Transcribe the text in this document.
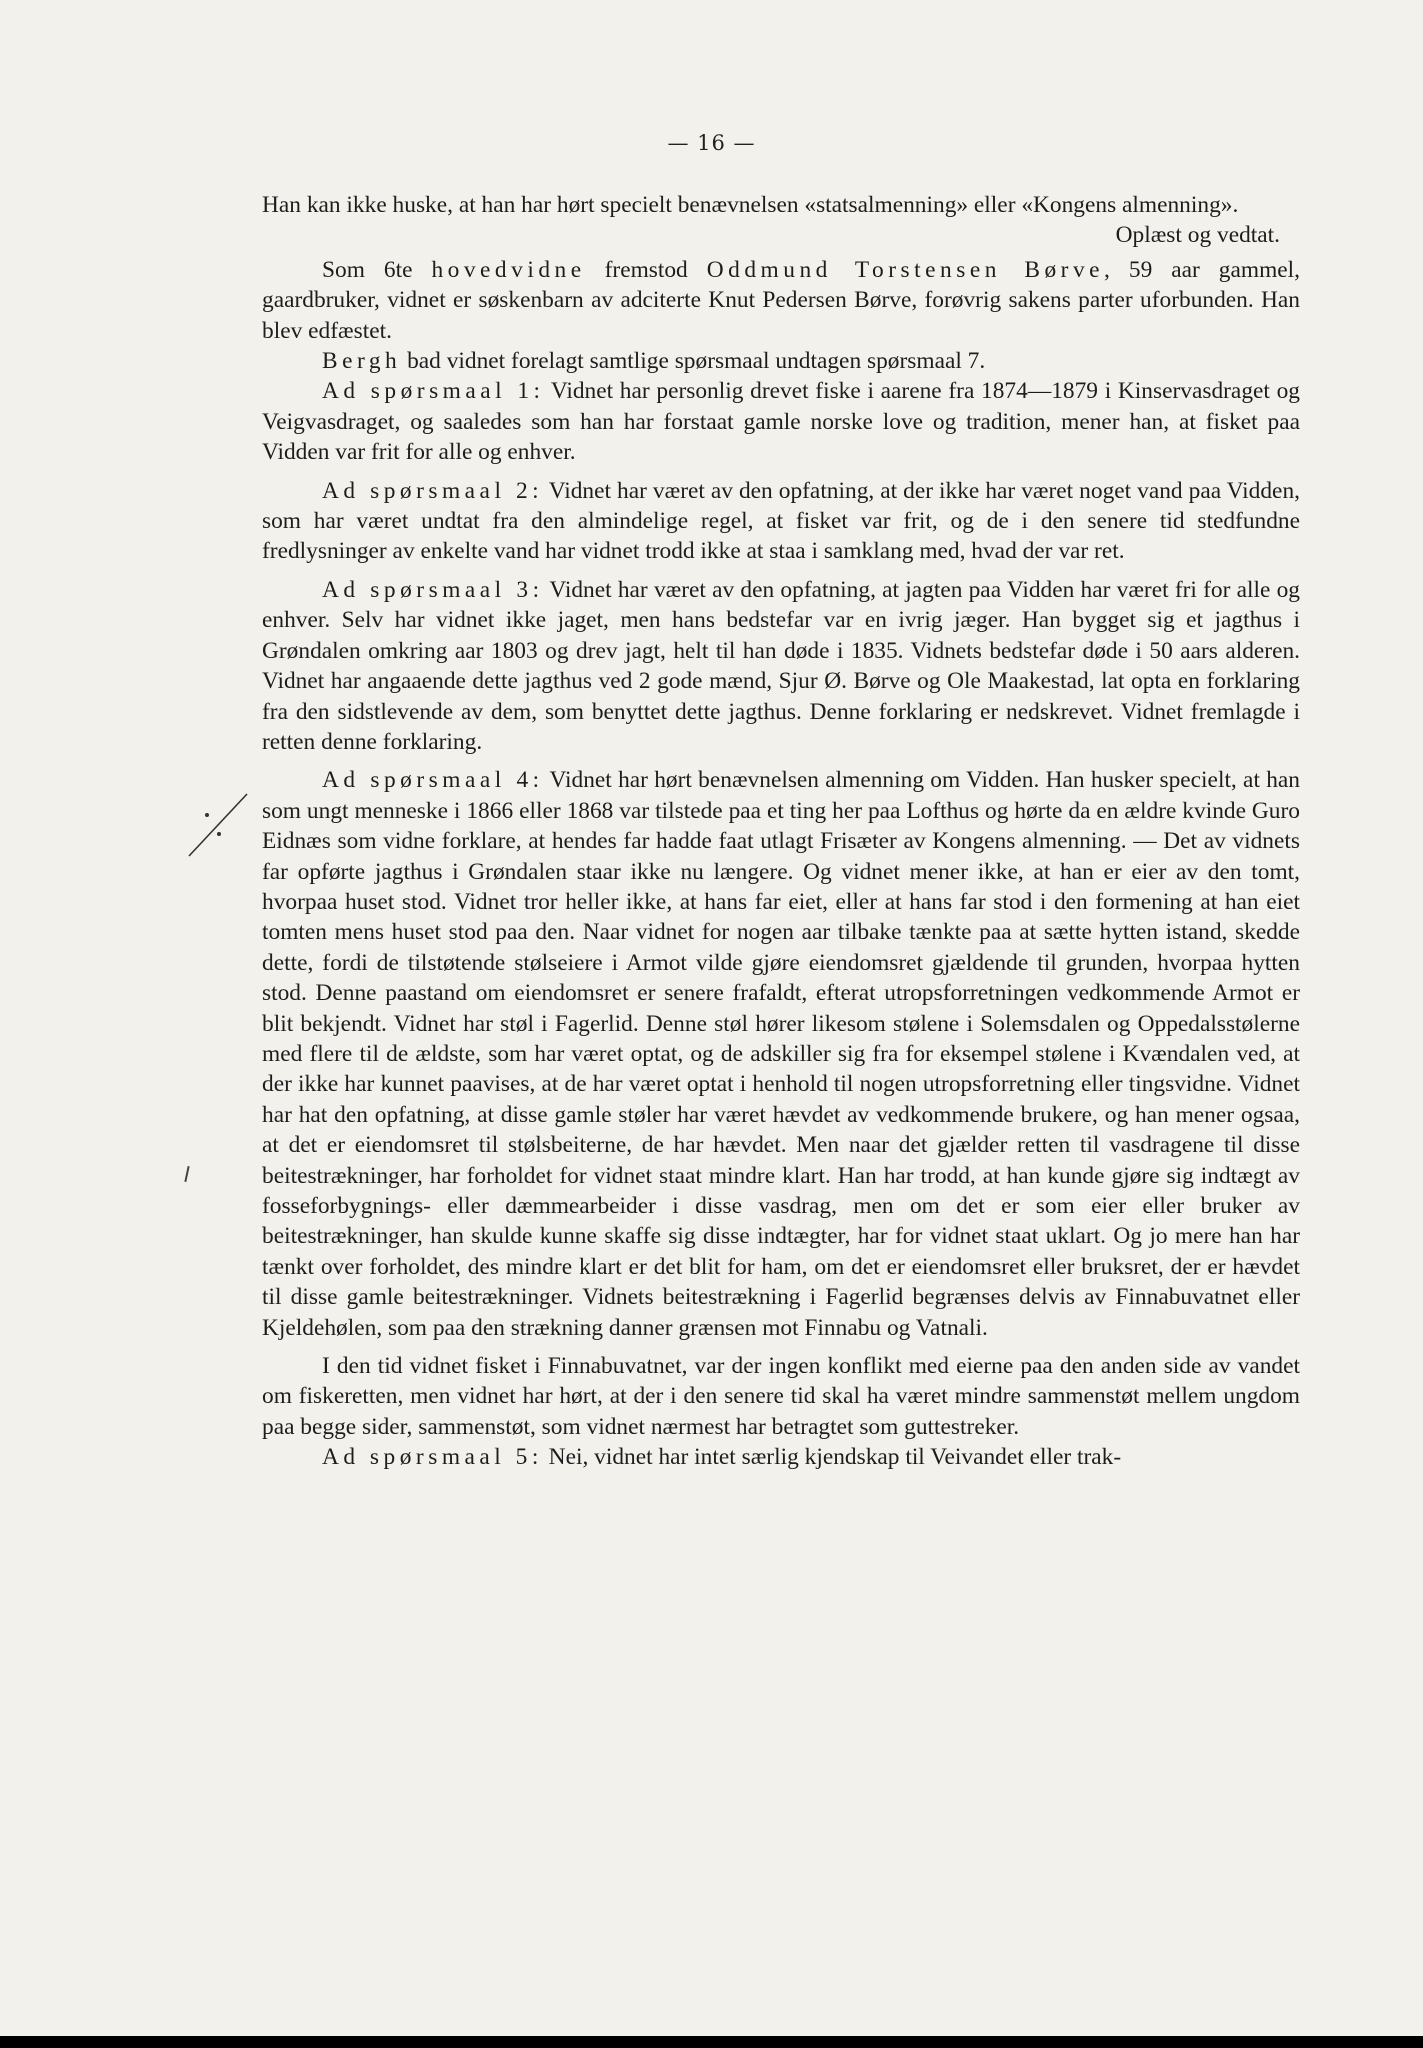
— 16 —

Han kan ikke huske, at han har hørt specielt benævnelsen «statsalmenning» eller «Kongens almenning».

Oplæst og vedtat.

Som 6te hovedvidne fremstod Oddmund Torstensen Børve, 59 aar gammel, gaardbruker, vidnet er søskenbarn av adciterte Knut Pedersen Børve, forøvrig sakens parter uforbunden. Han blev edfæstet.

Bergh bad vidnet forelagt samtlige spørsmaal undtagen spørsmaal 7.

Ad spørsmaal 1: Vidnet har personlig drevet fiske i aarene fra 1874—1879 i Kinservasdraget og Veigvasdraget, og saaledes som han har forstaat gamle norske love og tradition, mener han, at fisket paa Vidden var frit for alle og enhver.

Ad spørsmaal 2: Vidnet har været av den opfatning, at der ikke har været noget vand paa Vidden, som har været undtat fra den almindelige regel, at fisket var frit, og de i den senere tid stedfundne fredlysninger av enkelte vand har vidnet trodd ikke at staa i samklang med, hvad der var ret.

Ad spørsmaal 3: Vidnet har været av den opfatning, at jagten paa Vidden har været fri for alle og enhver. Selv har vidnet ikke jaget, men hans bedstefar var en ivrig jæger. Han bygget sig et jagthus i Grøndalen omkring aar 1803 og drev jagt, helt til han døde i 1835. Vidnets bedstefar døde i 50 aars alderen. Vidnet har angaaende dette jagthus ved 2 gode mænd, Sjur Ø. Børve og Ole Maakestad, lat opta en forklaring fra den sidstlevende av dem, som benyttet dette jagthus. Denne forklaring er nedskrevet. Vidnet fremlagde i retten denne forklaring.

Ad spørsmaal 4: Vidnet har hørt benævnelsen almenning om Vidden. Han husker specielt, at han som ungt menneske i 1866 eller 1868 var tilstede paa et ting her paa Lofthus og hørte da en ældre kvinde Guro Eidnæs som vidne forklare, at hendes far hadde faat utlagt Frisæter av Kongens almenning. — Det av vidnets far opførte jagthus i Grøndalen staar ikke nu længere. Og vidnet mener ikke, at han er eier av den tomt, hvorpaa huset stod. Vidnet tror heller ikke, at hans far eiet, eller at hans far stod i den formening at han eiet tomten mens huset stod paa den. Naar vidnet for nogen aar tilbake tænkte paa at sætte hytten istand, skedde dette, fordi de tilstøtende stølseiere i Armot vilde gjøre eiendomsret gjældende til grunden, hvorpaa hytten stod. Denne paastand om eiendomsret er senere frafaldt, efterat utropsforretningen vedkommende Armot er blit bekjendt. Vidnet har støl i Fagerlid. Denne støl hører likesom stølene i Solemsdalen og Oppedalsstølerne med flere til de ældste, som har været optat, og de adskiller sig fra for eksempel stølene i Kvændalen ved, at der ikke har kunnet paavises, at de har været optat i henhold til nogen utropsforretning eller tingsvidne. Vidnet har hat den opfatning, at disse gamle støler har været hævdet av vedkommende brukere, og han mener ogsaa, at det er eiendomsret til stølsbeiterne, de har hævdet. Men naar det gjælder retten til vasdragene til disse beitestrækninger, har forholdet for vidnet staat mindre klart. Han har trodd, at han kunde gjøre sig indtægt av fosseforbygnings- eller dæmmearbeider i disse vasdrag, men om det er som eier eller bruker av beitestrækninger, han skulde kunne skaffe sig disse indtægter, har for vidnet staat uklart. Og jo mere han har tænkt over forholdet, des mindre klart er det blit for ham, om det er eiendomsret eller bruksret, der er hævdet til disse gamle beitestrækninger. Vidnets beitestrækning i Fagerlid begrænses delvis av Finnabuvatnet eller Kjeldehølen, som paa den strækning danner grænsen mot Finnabu og Vatnali.

I den tid vidnet fisket i Finnabuvatnet, var der ingen konflikt med eierne paa den anden side av vandet om fiskeretten, men vidnet har hørt, at der i den senere tid skal ha været mindre sammenstøt mellem ungdom paa begge sider, sammenstøt, som vidnet nærmest har betragtet som guttestreker.

Ad spørsmaal 5: Nei, vidnet har intet særlig kjendskap til Veivandet eller trak-
